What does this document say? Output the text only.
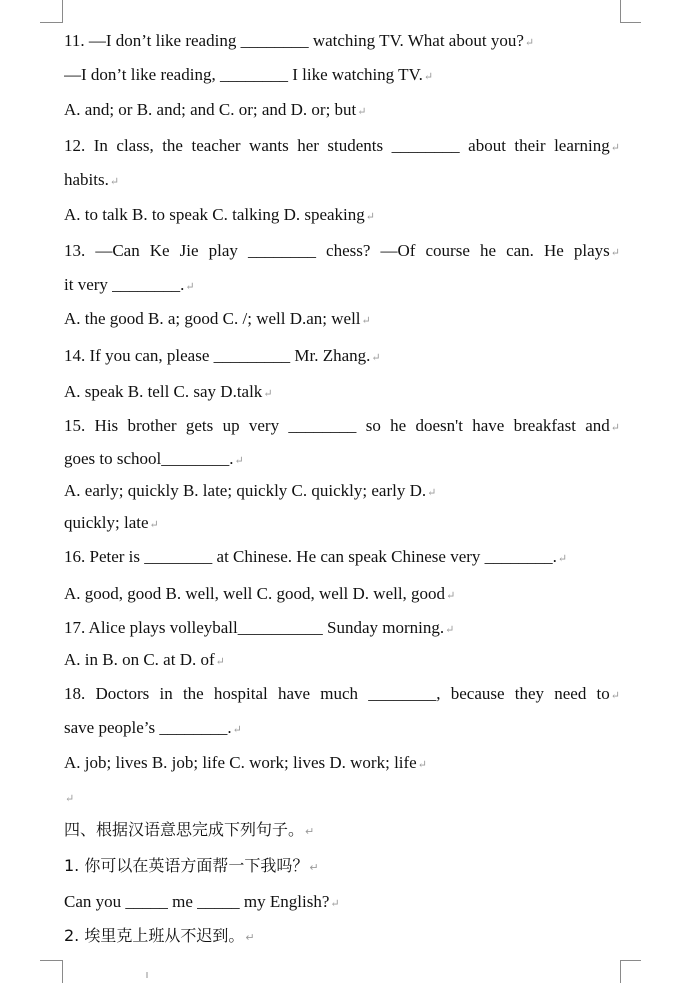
11. —I don’t like reading ________ watching TV. What about you?↵
—I don’t like reading, ________ I like watching TV.↵
A. and; or B. and; and C. or; and D. or; but↵
12. In class, the teacher wants her students ________ about their learning↵
habits.↵
A. to talk B. to speak C. talking D. speaking↵
13. —Can Ke Jie play ________ chess? —Of course he can. He plays↵
it very ________.↵
A. the good B. a; good C. /; well D.an; well↵
14. If you can, please _________ Mr. Zhang.↵
A. speak B. tell C. say D.talk↵
15. His brother gets up very ________ so he doesn't have breakfast and↵
goes to school________.↵
A. early; quickly B. late; quickly C. quickly; early D.↵
quickly; late↵
16. Peter is ________ at Chinese. He can speak Chinese very ________.↵
A. good, good B. well, well C. good, well D. well, good↵
17. Alice plays volleyball__________ Sunday morning.↵
A. in B. on C. at D. of↵
18. Doctors in the hospital have much ________, because they need to↵
save people’s ________.↵
A. job; lives B. job; life C. work; lives D. work; life↵
↵
四、根据汉语意思完成下列句子。↵
1. 你可以在英语方面帮一下我吗？↵
Can you _____ me _____ my English?↵
2. 埃里克上班从不迟到。↵
